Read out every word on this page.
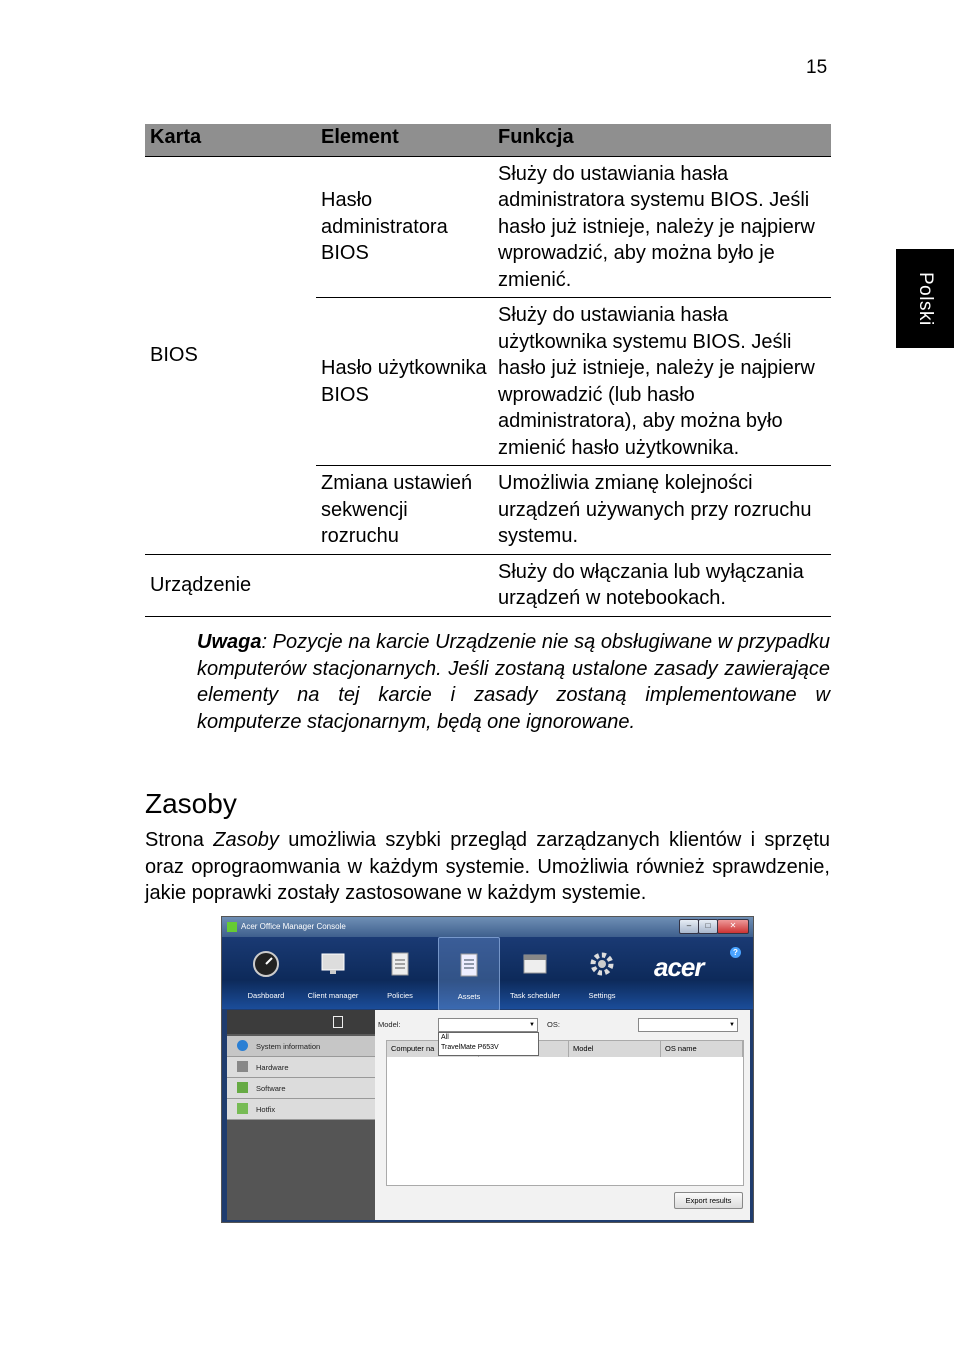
15
Polski
Karta	Element	Funkcja
BIOS	Hasło administratora BIOS	Służy do ustawiania hasła administratora systemu BIOS. Jeśli hasło już istnieje, należy je najpierw wprowadzić, aby można było je zmienić.
	Hasło użytkownika BIOS	Służy do ustawiania hasła użytkownika systemu BIOS. Jeśli hasło już istnieje, należy je najpierw wprowadzić (lub hasło administratora), aby można było zmienić hasło użytkownika.
	Zmiana ustawień sekwencji rozruchu	Umożliwia zmianę kolejności urządzeń używanych przy rozruchu systemu.
Urządzenie		Służy do włączania lub wyłączania urządzeń w notebookach.
Uwaga: Pozycje na karcie Urządzenie nie są obsługiwane w przypadku komputerów stacjonarnych. Jeśli zostaną ustalone zasady zawierające elementy na tej karcie i zasady zostaną implementowane w komputerze stacjonarnym, będą one ignorowane.
Zasoby
Strona Zasoby umożliwia szybki przegląd zarządzanych klientów i sprzętu oraz oprograomwania w każdym systemie. Umożliwia również sprawdzenie, jakie poprawki zostały zastosowane w każdym systemie.
Acer Office Manager Console	–	□	✕
Dashboard	Client manager	Policies	Assets	Task scheduler	Settings
acer	?
System information
Hardware
Software
Hotfix
Model:	▼
All
TravelMate P653V
OS:	▼
Computer na	Model	OS name
Export results
